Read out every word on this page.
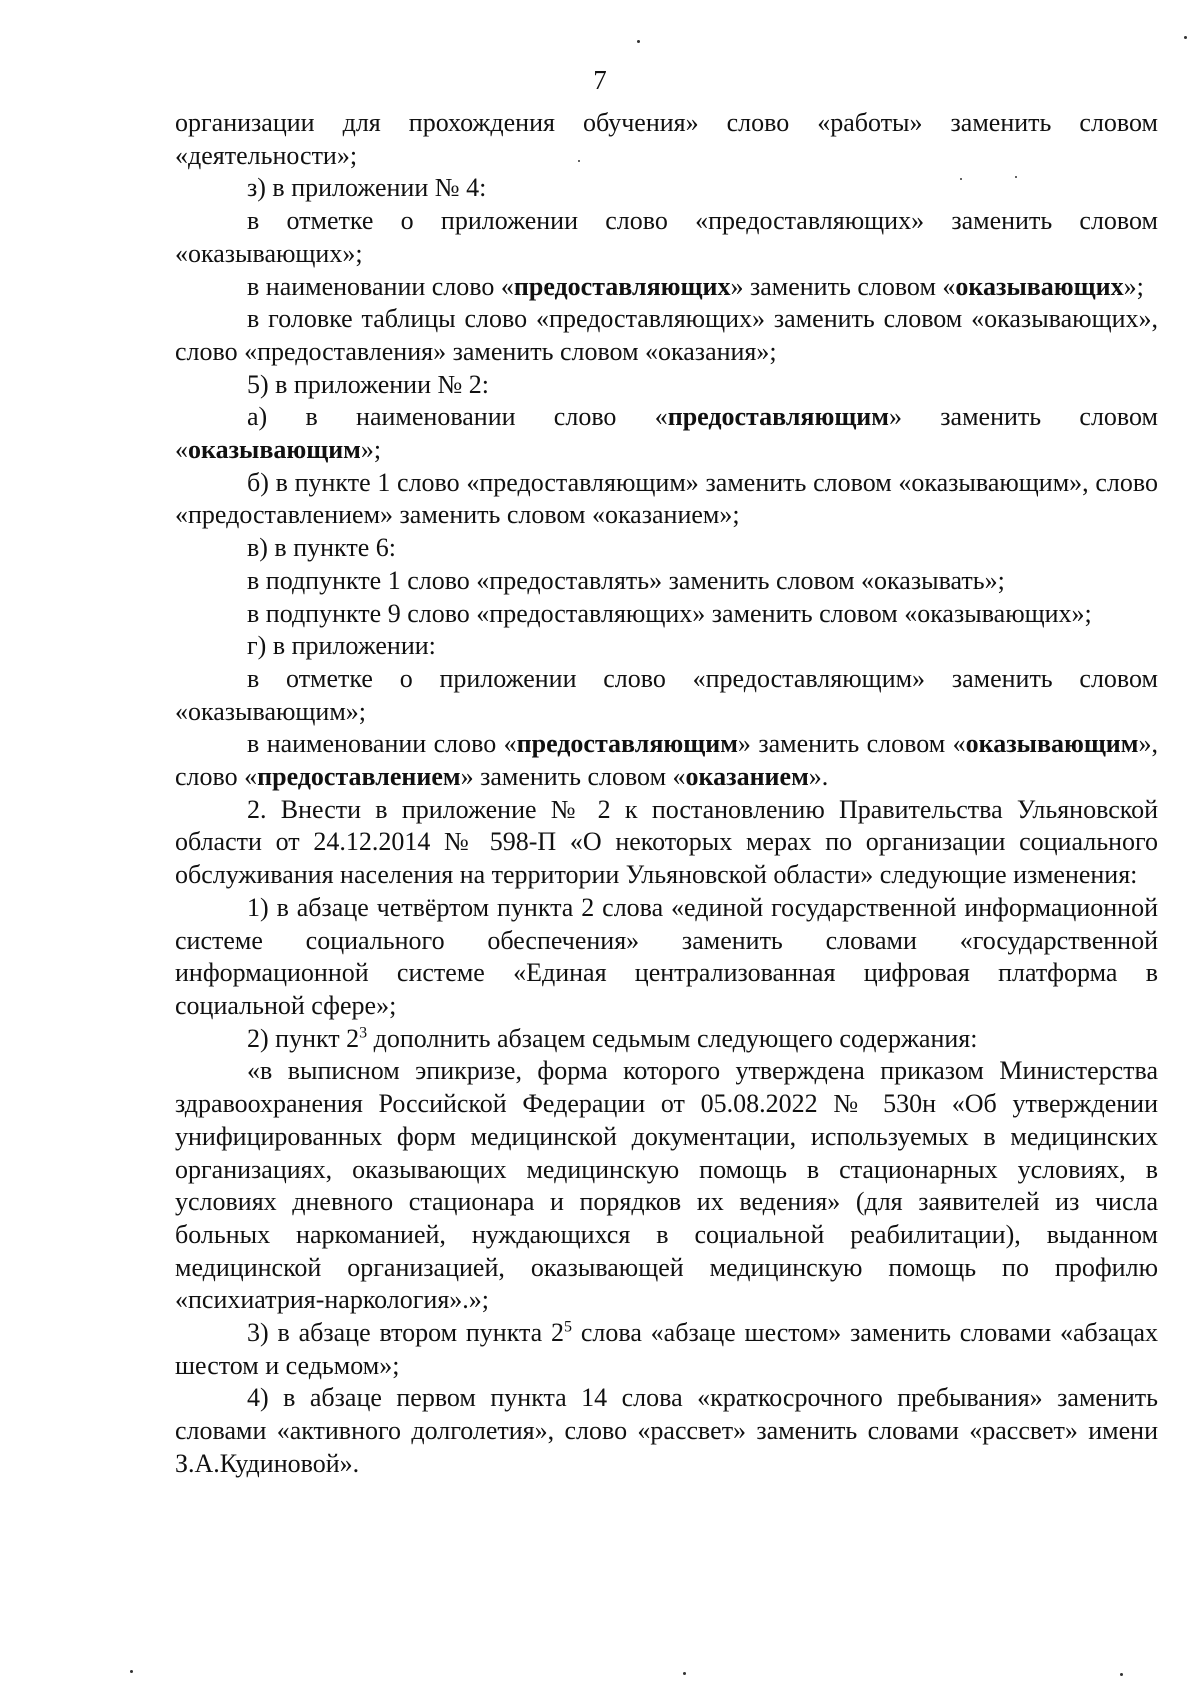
7

организации для прохождения обучения» слово «работы» заменить словом «деятельности»;

з) в приложении № 4:

в отметке о приложении слово «предоставляющих» заменить словом «оказывающих»;

в наименовании слово «предоставляющих» заменить словом «оказывающих»;

в головке таблицы слово «предоставляющих» заменить словом «оказывающих», слово «предоставления» заменить словом «оказания»;

5) в приложении № 2:

а) в наименовании слово «предоставляющим» заменить словом «оказывающим»;

б) в пункте 1 слово «предоставляющим» заменить словом «оказывающим», слово «предоставлением» заменить словом «оказанием»;

в) в пункте 6:

в подпункте 1 слово «предоставлять» заменить словом «оказывать»;

в подпункте 9 слово «предоставляющих» заменить словом «оказывающих»;

г) в приложении:

в отметке о приложении слово «предоставляющим» заменить словом «оказывающим»;

в наименовании слово «предоставляющим» заменить словом «оказывающим», слово «предоставлением» заменить словом «оказанием».

2. Внести в приложение № 2 к постановлению Правительства Ульяновской области от 24.12.2014 № 598-П «О некоторых мерах по организации социального обслуживания населения на территории Ульяновской области» следующие изменения:

1) в абзаце четвёртом пункта 2 слова «единой государственной информационной системе социального обеспечения» заменить словами «государственной информационной системе «Единая централизованная цифровая платформа в социальной сфере»;

2) пункт $2^3$ дополнить абзацем седьмым следующего содержания:

«в выписном эпикризе, форма которого утверждена приказом Министерства здравоохранения Российской Федерации от 05.08.2022 № 530н «Об утверждении унифицированных форм медицинской документации, используемых в медицинских организациях, оказывающих медицинскую помощь в стационарных условиях, в условиях дневного стационара и порядков их ведения» (для заявителей из числа больных наркоманией, нуждающихся в социальной реабилитации), выданном медицинской организацией, оказывающей медицинскую помощь по профилю «психиатрия-наркология».»;

3) в абзаце втором пункта $2^5$ слова «абзаце шестом» заменить словами «абзацах шестом и седьмом»;

4) в абзаце первом пункта 14 слова «краткосрочного пребывания» заменить словами «активного долголетия», слово «рассвет» заменить словами «рассвет» имени З.А.Кудиновой».
